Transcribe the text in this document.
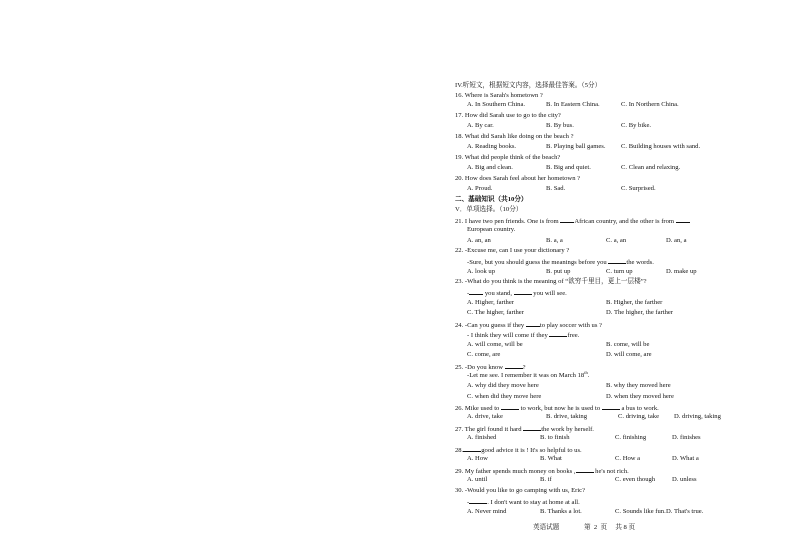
IV.听短文，根据短文内容，选择最佳答案。（5分）
16. Where is Sarah's hometown ?
A. In Southern China.	B. In Eastern China.	C. In Northern China.
17. How did Sarah use to go to the city?
A. By car.	B. By bus.	C. By bike.
18. What did Sarah like doing on the beach ?
A. Reading books.	B. Playing ball games. C. Building houses with sand.
19. What did people think of the beach?
A. Big and clean.	B. Big and quiet.	C. Clean and relaxing.
20. How does Sarah feel about her hometown ?
A. Proud.	B. Sad.	C. Surprised.
二、基础知识（共10分）
V．单项选择。（10分）
21. I have two pen friends. One is from African country, and the other is from
European country.
A. an, an	B. a, a	C. a, an	D. an, a
22. -Excuse me, can I use your dictionary ?
-Sure, but you should guess the meanings before you	the words.
A. look up	B. put up	C. turn up	D. make up
23. -What do you think is the meaning of “欲穷千里目，更上一层楼”?
- you stand,	you will see.
A. Higher, farther	B. Higher, the farther
C. The higher, farther	D. The higher, the farther
24. -Can you guess if they to play soccer with us ?
- I think they will come if they	free.
A. will come, will be	B. come, will be
C. come, are	D. will come, are
25. -Do you know	?
-Let me see. I remember it was on March 18th.
A. why did they move here	B. why they moved here
C. when did they move here	D. when they moved here
26. Mike used to	to work, but now he is used to	a bus to work.
A. drive, take	B. drive, taking	C. driving, take D. driving, taking
27. The girl found it hard	the work by herself.
A. finished	B. to finish	C. finishing	D. finishes
28.	good advice it is ! It's so helpful to us.
A. How	B. What	C. How a	D. What a
29. My father spends much money on books ,	he's not rich.
A. until	B. if	C. even though	D. unless
30. -Would you like to go camping with us, Eric?
-	. I don't want to stay at home at all.
A. Never mind	B. Thanks a lot.	C. Sounds like fun. D. That's true.
英语试题	第  2  页     共 8 页
